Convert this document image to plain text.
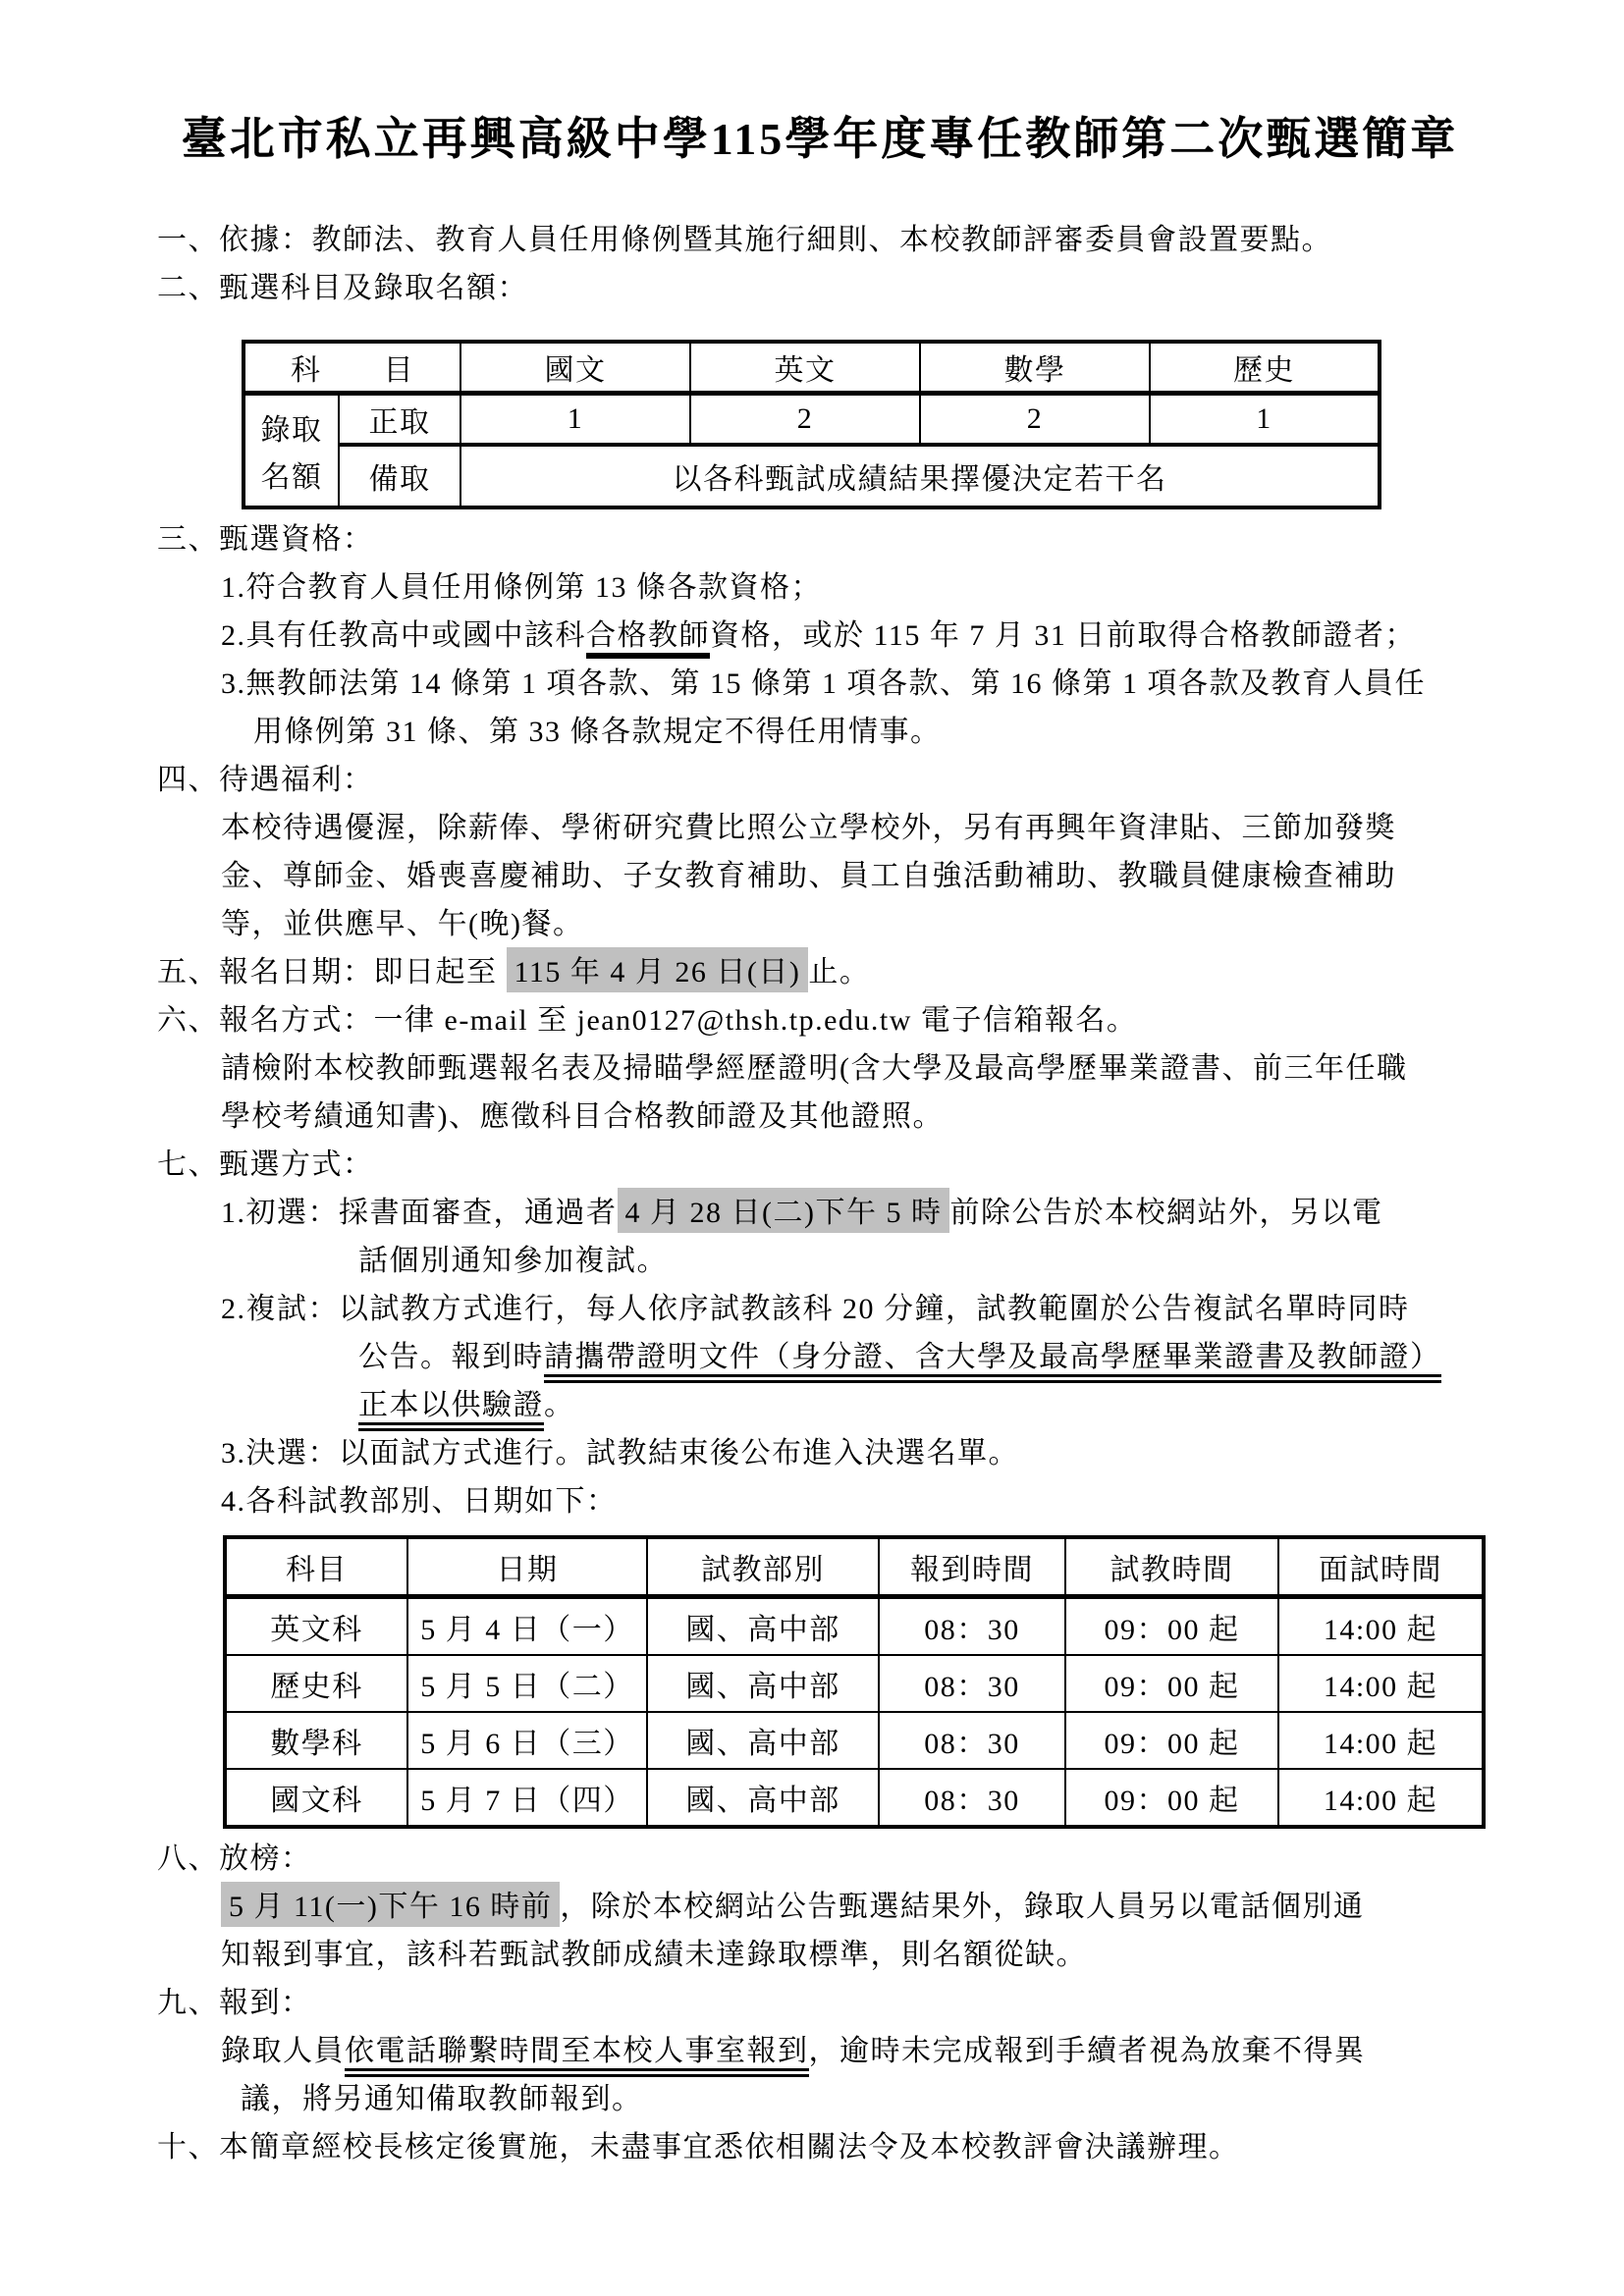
臺北市私立再興高級中學115學年度專任教師第二次甄選簡章
一、依據：教師法、教育人員任用條例暨其施行細則、本校教師評審委員會設置要點。
二、甄選科目及錄取名額：
科　　目		國文	英文	數學	歷史

錄取
名額	正取	1	2	2	1
	備取	以各科甄試成績結果擇優決定若干名			
三、甄選資格：
1.符合教育人員任用條例第 13 條各款資格；
2.具有任教高中或國中該科合格教師資格，或於 115 年 7 月 31 日前取得合格教師證者；
3.無教師法第 14 條第 1 項各款、第 15 條第 1 項各款、第 16 條第 1 項各款及教育人員任
用條例第 31 條、第 33 條各款規定不得任用情事。
四、待遇福利：
本校待遇優渥，除薪俸、學術研究費比照公立學校外，另有再興年資津貼、三節加發獎
金、尊師金、婚喪喜慶補助、子女教育補助、員工自強活動補助、教職員健康檢查補助
等，並供應早、午(晚)餐。
五、報名日期：即日起至 115 年 4 月 26 日(日) 止。
六、報名方式：一律 e-mail 至 jean0127@thsh.tp.edu.tw 電子信箱報名。
請檢附本校教師甄選報名表及掃瞄學經歷證明(含大學及最高學歷畢業證書、前三年任職
學校考績通知書)、應徵科目合格教師證及其他證照。
七、甄選方式：
1.初選：採書面審查，通過者 4 月 28 日(二)下午 5 時 前除公告於本校網站外，另以電
話個別通知參加複試。
2.複試：以試教方式進行，每人依序試教該科 20 分鐘，試教範圍於公告複試名單時同時
公告。報到時請攜帶證明文件（身分證、含大學及最高學歷畢業證書及教師證）
正本以供驗證。
3.決選：以面試方式進行。試教結束後公布進入決選名單。
4.各科試教部別、日期如下：
科目	日期	試教部別	報到時間	試教時間	面試時間
英文科	5 月 4 日（一）	國、高中部	08：30	09：00 起	14:00 起
歷史科	5 月 5 日（二）	國、高中部	08：30	09：00 起	14:00 起
數學科	5 月 6 日（三）	國、高中部	08：30	09：00 起	14:00 起
國文科	5 月 7 日（四）	國、高中部	08：30	09：00 起	14:00 起
八、放榜：
5 月 11(一)下午 16 時前 ，除於本校網站公告甄選結果外，錄取人員另以電話個別通
知報到事宜，該科若甄試教師成績未達錄取標準，則名額從缺。
九、報到：
錄取人員依電話聯繫時間至本校人事室報到，逾時未完成報到手續者視為放棄不得異
議，將另通知備取教師報到。
十、本簡章經校長核定後實施，未盡事宜悉依相關法令及本校教評會決議辦理。
